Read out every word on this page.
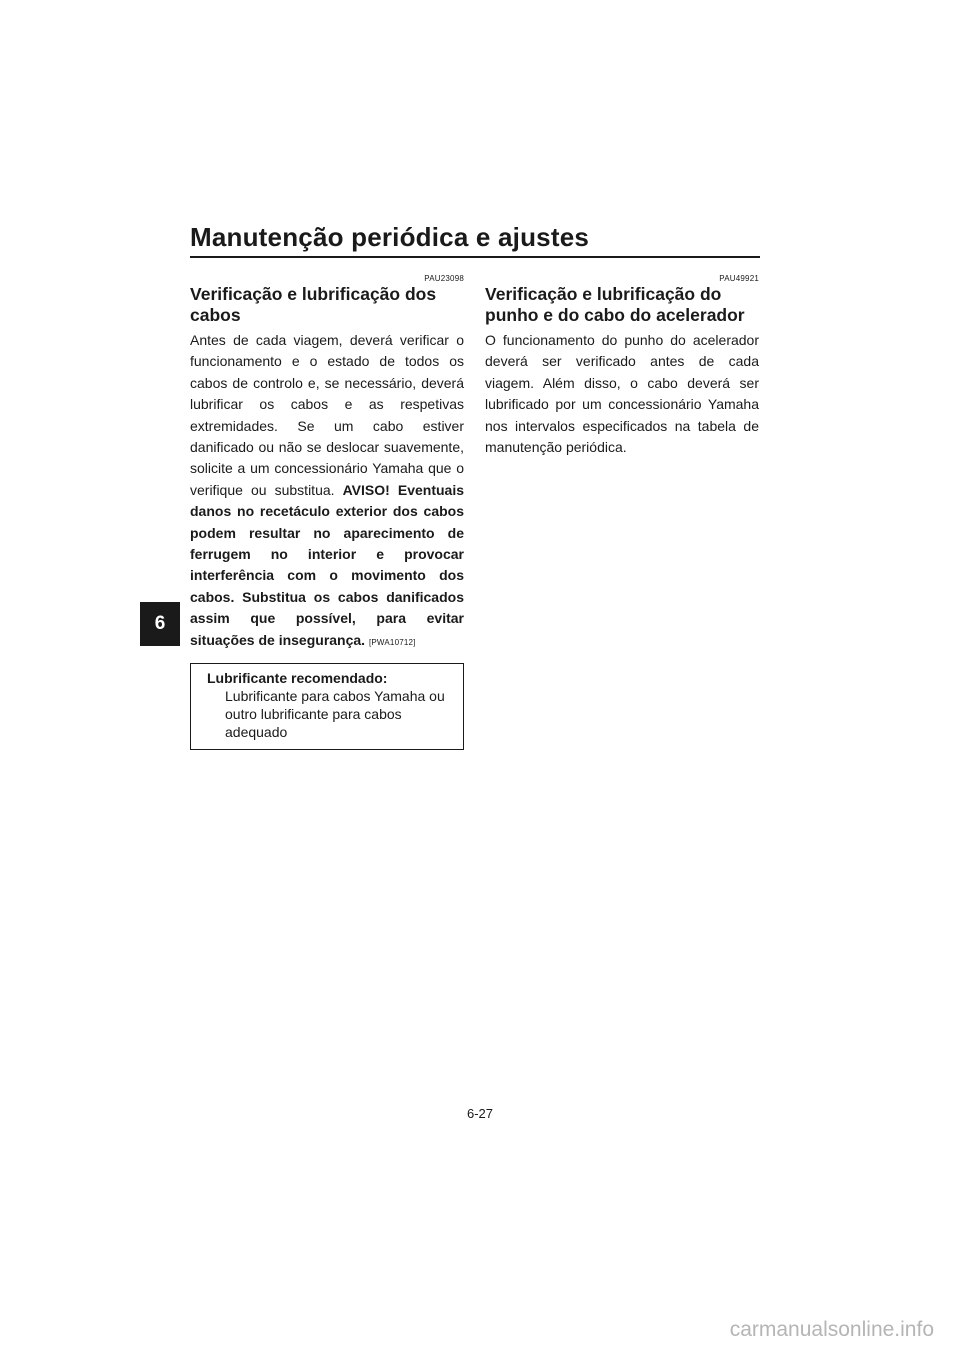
Manutenção periódica e ajustes
6
PAU23098
Verificação e lubrificação dos cabos

Antes de cada viagem, deverá verificar o funcionamento e o estado de todos os cabos de controlo e, se necessário, deverá lubrificar os cabos e as respetivas extremidades. Se um cabo estiver danificado ou não se deslocar suavemente, solicite a um concessionário Yamaha que o verifique ou substitua. AVISO! Eventuais danos no recetáculo exterior dos cabos podem resultar no aparecimento de ferrugem no interior e provocar interferência com o movimento dos cabos. Substitua os cabos danificados assim que possível, para evitar situações de insegurança. [PWA10712]

Lubrificante recomendado:
Lubrificante para cabos Yamaha ou outro lubrificante para cabos adequado
PAU49921
Verificação e lubrificação do punho e do cabo do acelerador

O funcionamento do punho do acelerador deverá ser verificado antes de cada viagem. Além disso, o cabo deverá ser lubrificado por um concessionário Yamaha nos intervalos especificados na tabela de manutenção periódica.

6-27
carmanualsonline.info
